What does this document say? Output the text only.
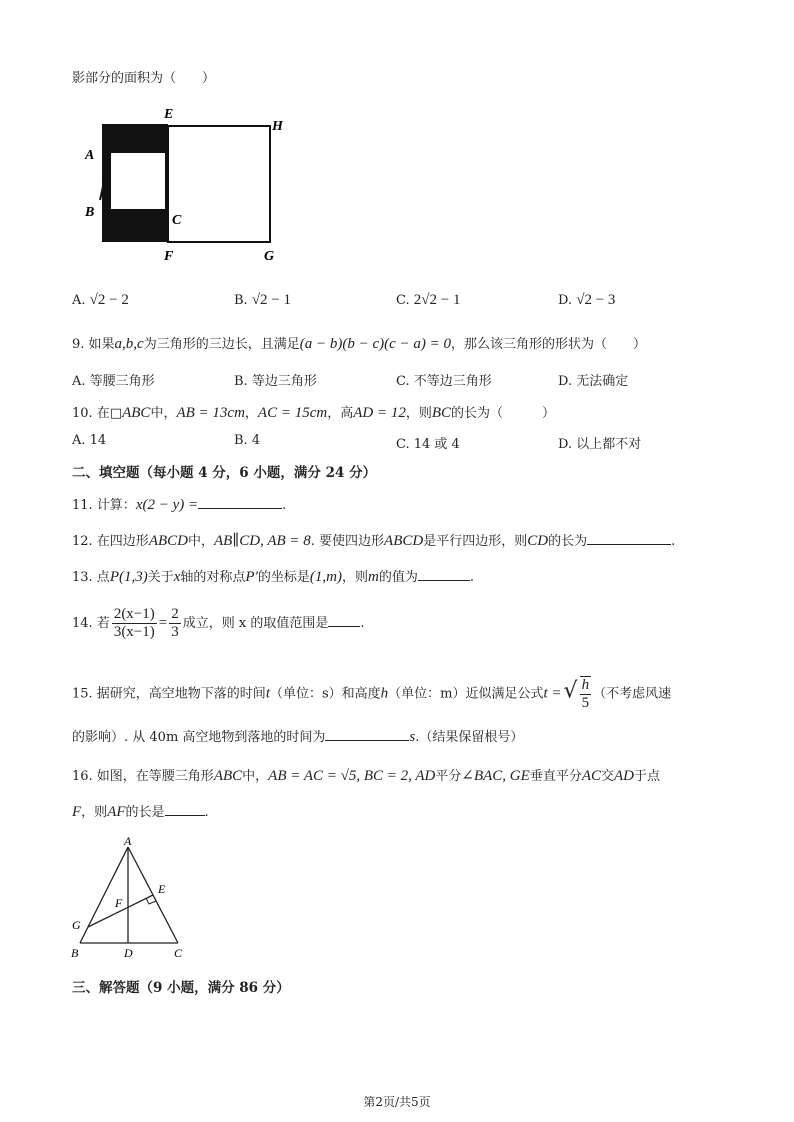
影部分的面积为（　　）
E
H
A
B
C
F	G
A. √2 − 2	B. √2 − 1	C. 2√2 − 1	D. √2 − 3
9. 如果a,b,c为三角形的三边长，且满足(a − b)(b − c)(c − a) = 0，那么该三角形的形状为（　　）
A. 等腰三角形	B. 等边三角形	C. 不等边三角形	D. 无法确定
10. 在□ABC中，AB = 13cm，AC = 15cm，高AD = 12，则BC的长为（　　　）
A. 14	B. 4	C. 14 或 4	D. 以上都不对
二、填空题（每小题 4 分，6 小题，满分 24 分）
11. 计算：x(2 − y) =	.
12. 在四边形ABCD中，AB∥CD, AB = 8. 要使四边形ABCD是平行四边形，则CD的长为	.
13. 点P(1,3)关于x轴的对称点P′的坐标是(1,m)，则m的值为	.
14. 若 $\frac{2(x-1)}{3(x-1)} = \frac{2}{3}$ 成立，则 x 的取值范围是 .
15. 据研究，高空地物下落的时间t（单位：s）和高度h（单位：m）近似满足公式t =√ $\frac{h}{5}$ （不考虑风速
的影响）. 从 40m 高空地物到落地的时间为	s.（结果保留根号）
16. 如图，在等腰三角形ABC中，AB = AC = √5, BC = 2, AD平分∠BAC, GE垂直平分AC交AD于点
F，则AF的长是	.
A
B	C
D
E
F
G
三、解答题（9 小题，满分 86 分）
第2页/共5页
